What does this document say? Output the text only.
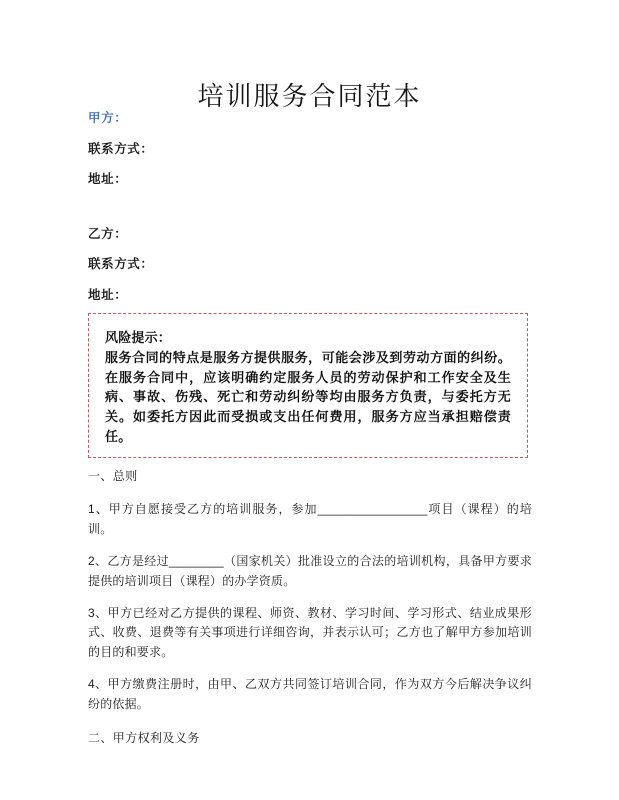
培训服务合同范本

甲方：

联系方式：

地址：

乙方：

联系方式：

地址：

风险提示：
服务合同的特点是服务方提供服务，可能会涉及到劳动方面的纠纷。在服务合同中，应该明确约定服务人员的劳动保护和工作安全及生病、事故、伤残、死亡和劳动纠纷等均由服务方负责，与委托方无关。如委托方因此而受损或支出任何费用，服务方应当承担赔偿责任。

一、总则

1、甲方自愿接受乙方的培训服务，参加________________项目（课程）的培训。

2、乙方是经过________（国家机关）批准设立的合法的培训机构，具备甲方要求提供的培训项目（课程）的办学资质。

3、甲方已经对乙方提供的课程、师资、教材、学习时间、学习形式、结业成果形式、收费、退费等有关事项进行详细咨询，并表示认可；乙方也了解甲方参加培训的目的和要求。

4、甲方缴费注册时，由甲、乙双方共同签订培训合同，作为双方今后解决争议纠纷的依据。

二、甲方权利及义务
